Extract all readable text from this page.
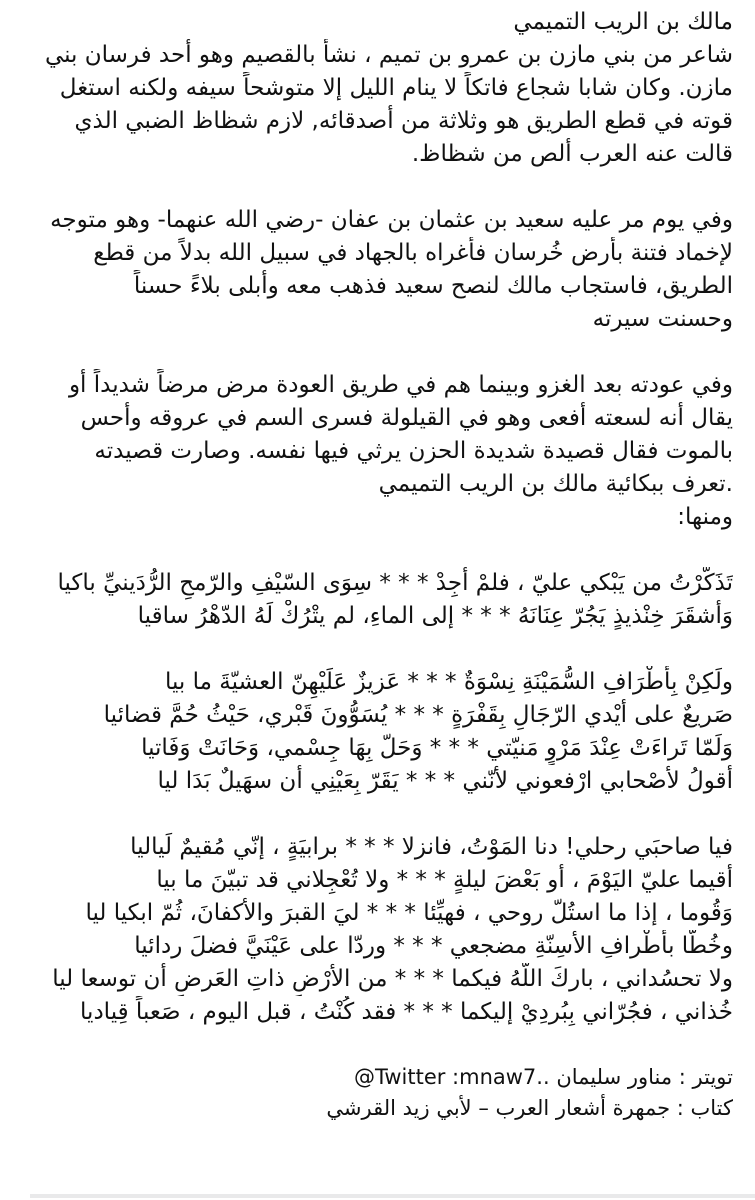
مالك بن الريب التميمي
شاعر من بني مازن بن عمرو بن تميم ، نشأ بالقصيم وهو أحد فرسان بني
مازن. وكان شابا شجاع فاتكاً لا ينام الليل إلا متوشحاً سيفه ولكنه استغل
قوته في قطع الطريق هو وثلاثة من أصدقائه, لازم شظاظ الضبي الذي
قالت عنه العرب ألص من شظاظ.
وفي يوم مر عليه سعيد بن عثمان بن عفان -رضي الله عنهما- وهو متوجه
لإخماد فتنة بأرض خُرسان فأغراه بالجهاد في سبيل الله بدلاً من قطع
الطريق، فاستجاب مالك لنصح سعيد فذهب معه وأبلى بلاءً حسناً
وحسنت سيرته
وفي عودته بعد الغزو وبينما هم في طريق العودة مرض مرضاً شديداً أو
يقال أنه لسعته أفعى وهو في القيلولة فسرى السم في عروقه وأحس
بالموت فقال قصيدة شديدة الحزن يرثي فيها نفسه. وصارت قصيدته
.تعرف ببكائية مالك بن الريب التميمي
ومنها:
تَذَكّرْتُ من يَبْكي عليّ ، فلمْ أجِدْ * * * سِوَى السّيْفِ والرّمحِ الرُّدَينيِّ باكيا
وَأشقَرَ خِنْذيذٍ يَجُرّ عِنَانَهُ * * * إلى الماءِ، لم يتْرُكْ لَهُ الدّهْرُ ساقيا
ولَكِنْ بِأطْرَافِ السُّمَيْنَةِ نِسْوَةٌ * * * عَزيزٌ عَلَيْهِنّ العشيّةَ ما بيا
صَريعٌ على أيْدي الرّجَالِ بِقَفْرَةٍ * * * يُسَوُّونَ قَبْري، حَيْثُ حُمَّ قضائيا
وَلَمّا تَراءَتْ عِنْدَ مَرْوٍ مَنيّتي * * * وَحَلّ بِهَا جِسْمي، وَحَانَتْ وَفَاتيا
أقولُ لأصْحابي ارْفعوني لأنّني * * * يَقَرّ بِعَيْنِي أن سهَيلٌ بَدَا ليا
فيا صاحبَي رحلي! دنا المَوْتُ، فانزلا * * * برابيَةٍ ، إنّي مُقيمٌ لَياليا
أقيما عليّ اليَوْمَ ، أو بَعْضَ ليلةٍ * * * ولا تُعْجِلاني قد تبيّنَ ما بيا
وَقُوما ، إذا ما استُلّ روحي ، فهيِّئا * * * ليَ القبرَ والأكفانَ، ثُمّ ابكيا ليا
وخُطّا بأطْرافِ الأسِنّةِ مضجعي * * * وردّا على عَيْنَيَّ فضلَ ردائيا
ولا تحسُداني ، باركَ اللّهُ فيكما * * * من الأرْضِ ذاتِ العَرضِ أن توسعا ليا
خُذاني ، فجُرّاني بِبُردِيْ إليكما * * * فقد كُنْتُ ، قبل اليوم ، صَعباً قِياديا
تويتر : مناور سليمان ..Twitter :mnaw7@
كتاب : جمهرة أشعار العرب – لأبي زيد القرشي
